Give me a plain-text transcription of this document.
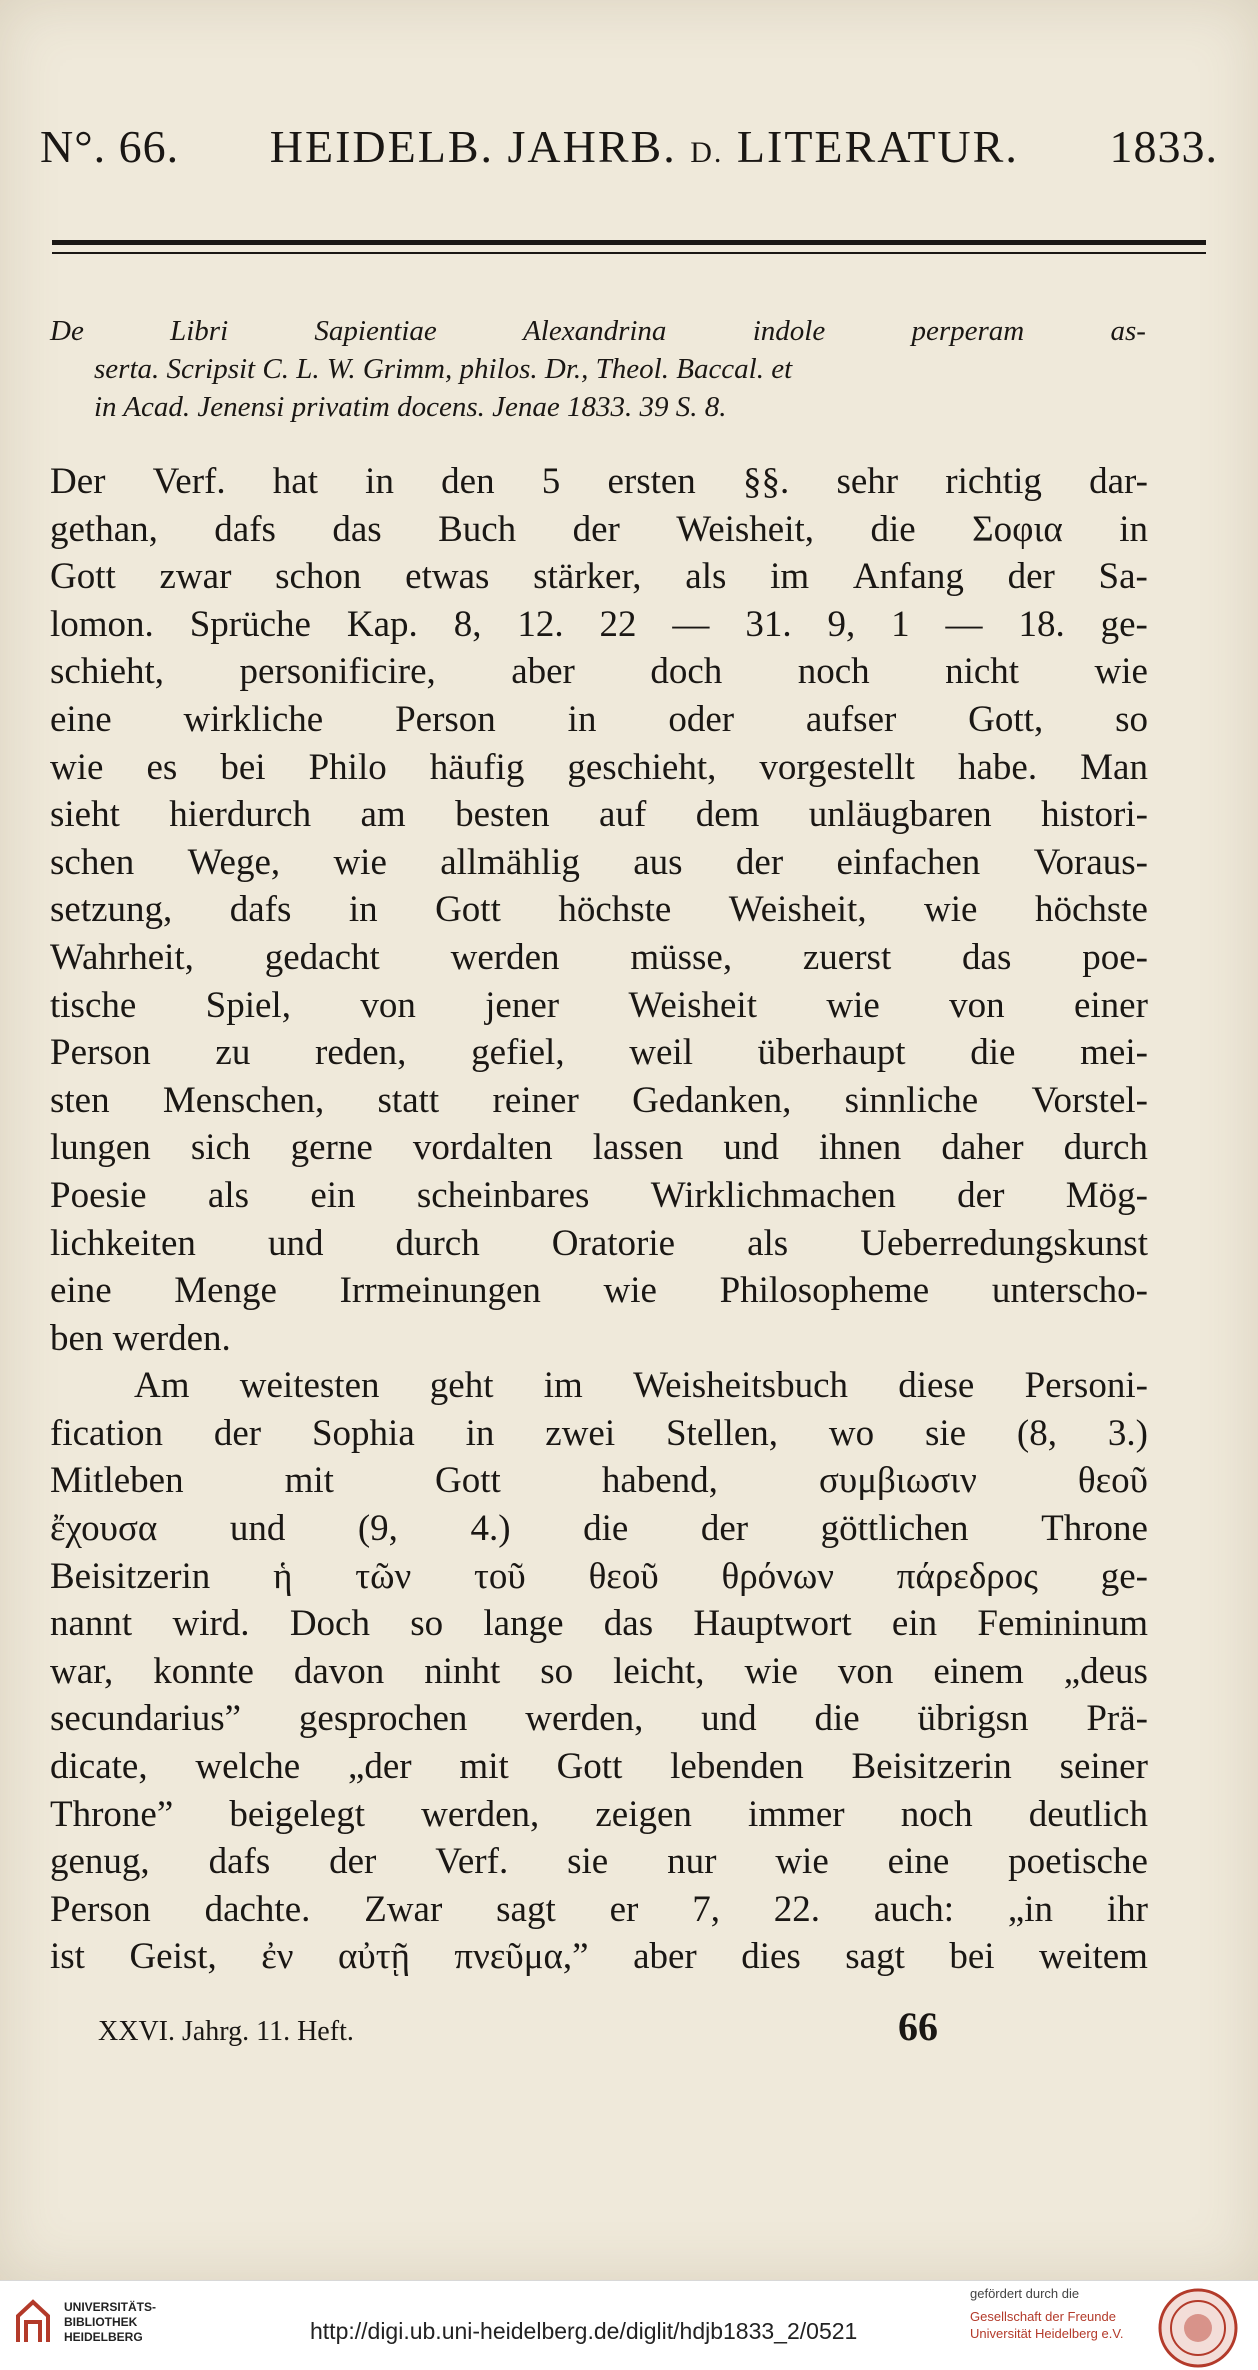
N°. 66. HEIDELB. JAHRB. D. LITERATUR. 1833.
De	Libri	Sapientiae	Alexandrina	indole	perperam	as-
serta. Scripsit C. L. W. Grimm, philos. Dr., Theol. Baccal. et
in Acad. Jenensi privatim docens. Jenae 1833. 39 S. 8.
Der Verf. hat in den 5 ersten §§. sehr richtig dar-
gethan, dafs das Buch der Weisheit, die Σοφια in
Gott zwar schon etwas stärker, als im Anfang der Sa-
lomon. Sprüche Kap. 8, 12. 22 — 31. 9, 1 — 18. ge-
schieht, personificire, aber doch noch nicht wie
eine wirkliche Person in oder aufser Gott, so
wie es bei Philo häufig geschieht, vorgestellt habe. Man
sieht hierdurch am besten auf dem unläugbaren histori-
schen Wege, wie allmählig aus der einfachen Voraus-
setzung, dafs in Gott höchste Weisheit, wie höchste
Wahrheit, gedacht werden müsse, zuerst das poe-
tische Spiel, von jener Weisheit wie von einer
Person zu reden, gefiel, weil überhaupt die mei-
sten Menschen, statt reiner Gedanken, sinnliche Vorstel-
lungen sich gerne vordalten lassen und ihnen daher durch
Poesie als ein scheinbares Wirklichmachen der Mög-
lichkeiten und durch Oratorie als Ueberredungskunst
eine Menge Irrmeinungen wie Philosopheme unterscho-
ben werden.
Am weitesten geht im Weisheitsbuch diese Personi-
fication der Sophia in zwei Stellen, wo sie (8, 3.)
Mitleben	mit	Gott	habend,	συμβιωσιν	θεοῦ
ἔχουσα und (9, 4.) die der göttlichen Throne
Beisitzerin ἡ τῶν τοῦ θεοῦ θρόνων πάρεδρος ge-
nannt wird. Doch so lange das Hauptwort ein Femininum
war, konnte davon ninht so leicht, wie von einem „deus
secundarius” gesprochen werden, und die übrigsn Prä-
dicate, welche „der mit Gott lebenden Beisitzerin seiner
Throne” beigelegt werden, zeigen immer noch deutlich
genug, dafs der Verf. sie nur wie eine poetische
Person dachte. Zwar sagt er 7, 22. auch: „in ihr
ist Geist, ἐν αὐτῇ πνεῦμα,” aber dies sagt bei weitem
XXVI. Jahrg. 11. Heft.	66
UNIVERSITÄTS-
BIBLIOTHEK
HEIDELBERG	http://digi.ub.uni-heidelberg.de/diglit/hdjb1833_2/0521
gefördert durch die
Gesellschaft der Freunde
Universität Heidelberg e.V.
